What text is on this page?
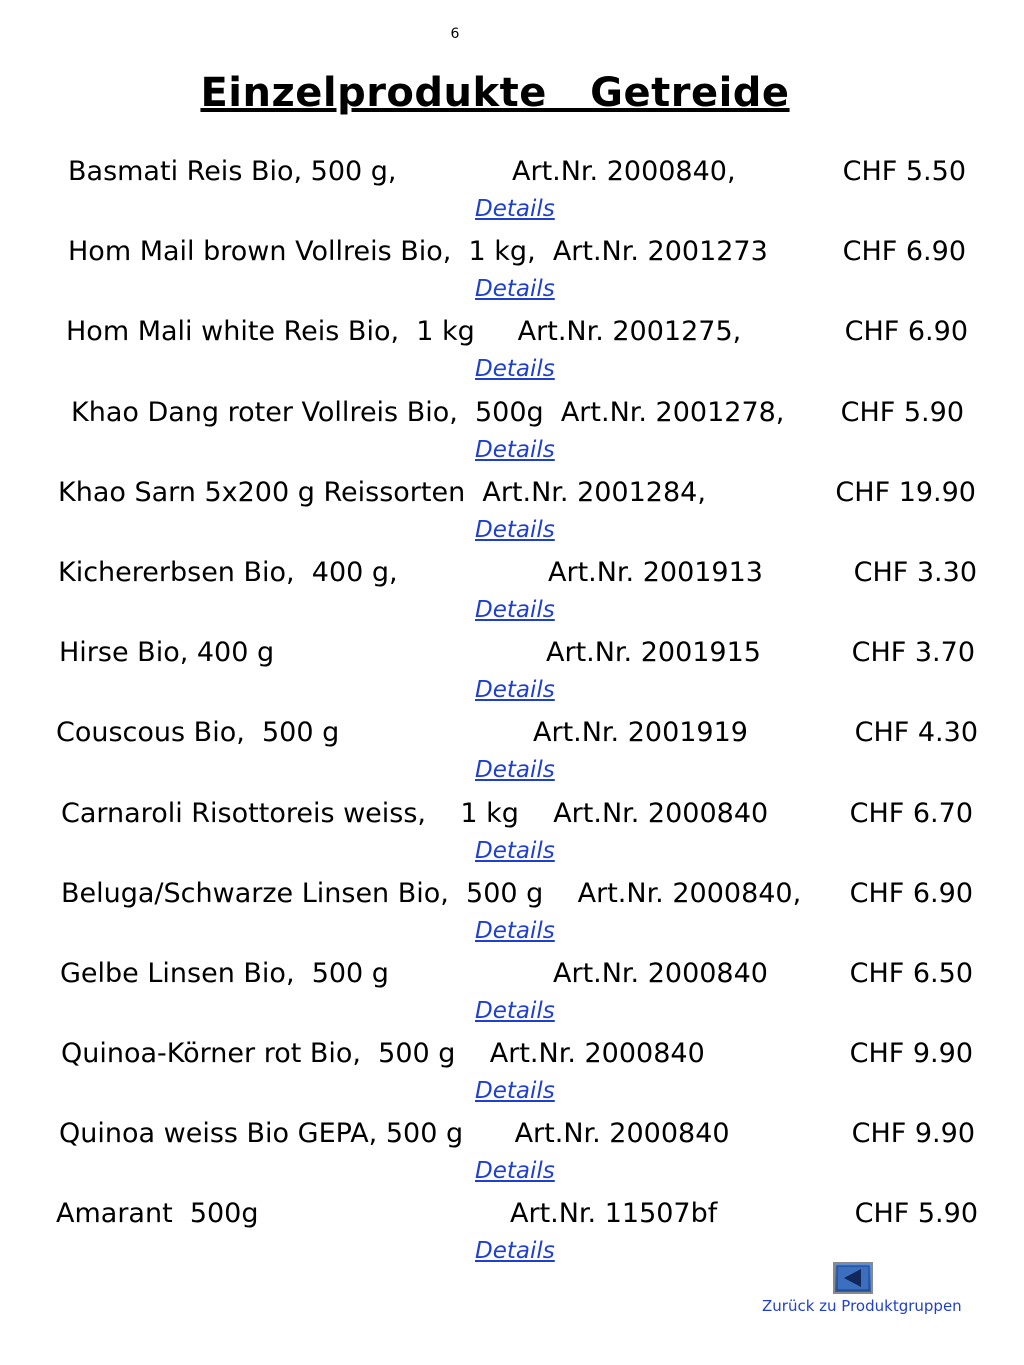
6
Einzelprodukte   Getreide
Basmati Reis Bio, 500 g,	Art.Nr. 2000840,	CHF 5.50
Details
Hom Mail brown Vollreis Bio,  1 kg,  Art.Nr. 2001273	CHF 6.90
Details
Hom Mali white Reis Bio,  1 kg     Art.Nr. 2001275,	CHF 6.90
Details
Khao Dang roter Vollreis Bio,  500g  Art.Nr. 2001278, CHF 5.90
Details
Khao Sarn 5x200 g Reissorten  Art.Nr. 2001284,	CHF 19.90
Details
Kichererbsen Bio,  400 g,	Art.Nr. 2001913	CHF 3.30
Details
Hirse Bio, 400 g	Art.Nr. 2001915	CHF 3.70
Details
Couscous Bio,  500 g	Art.Nr. 2001919	CHF 4.30
Details
Carnaroli Risottoreis weiss,    1 kg    Art.Nr. 2000840	CHF 6.70
Details
Beluga/Schwarze Linsen Bio,  500 g    Art.Nr. 2000840, CHF 6.90
Details
Gelbe Linsen Bio,  500 g	Art.Nr. 2000840	CHF 6.50
Details
Quinoa-Körner rot Bio,  500 g    Art.Nr. 2000840	CHF 9.90
Details
Quinoa weiss Bio GEPA, 500 g      Art.Nr. 2000840	CHF 9.90
Details
Amarant  500g	Art.Nr. 11507bf	CHF 5.90
Details
Zurück zu Produktgruppen
